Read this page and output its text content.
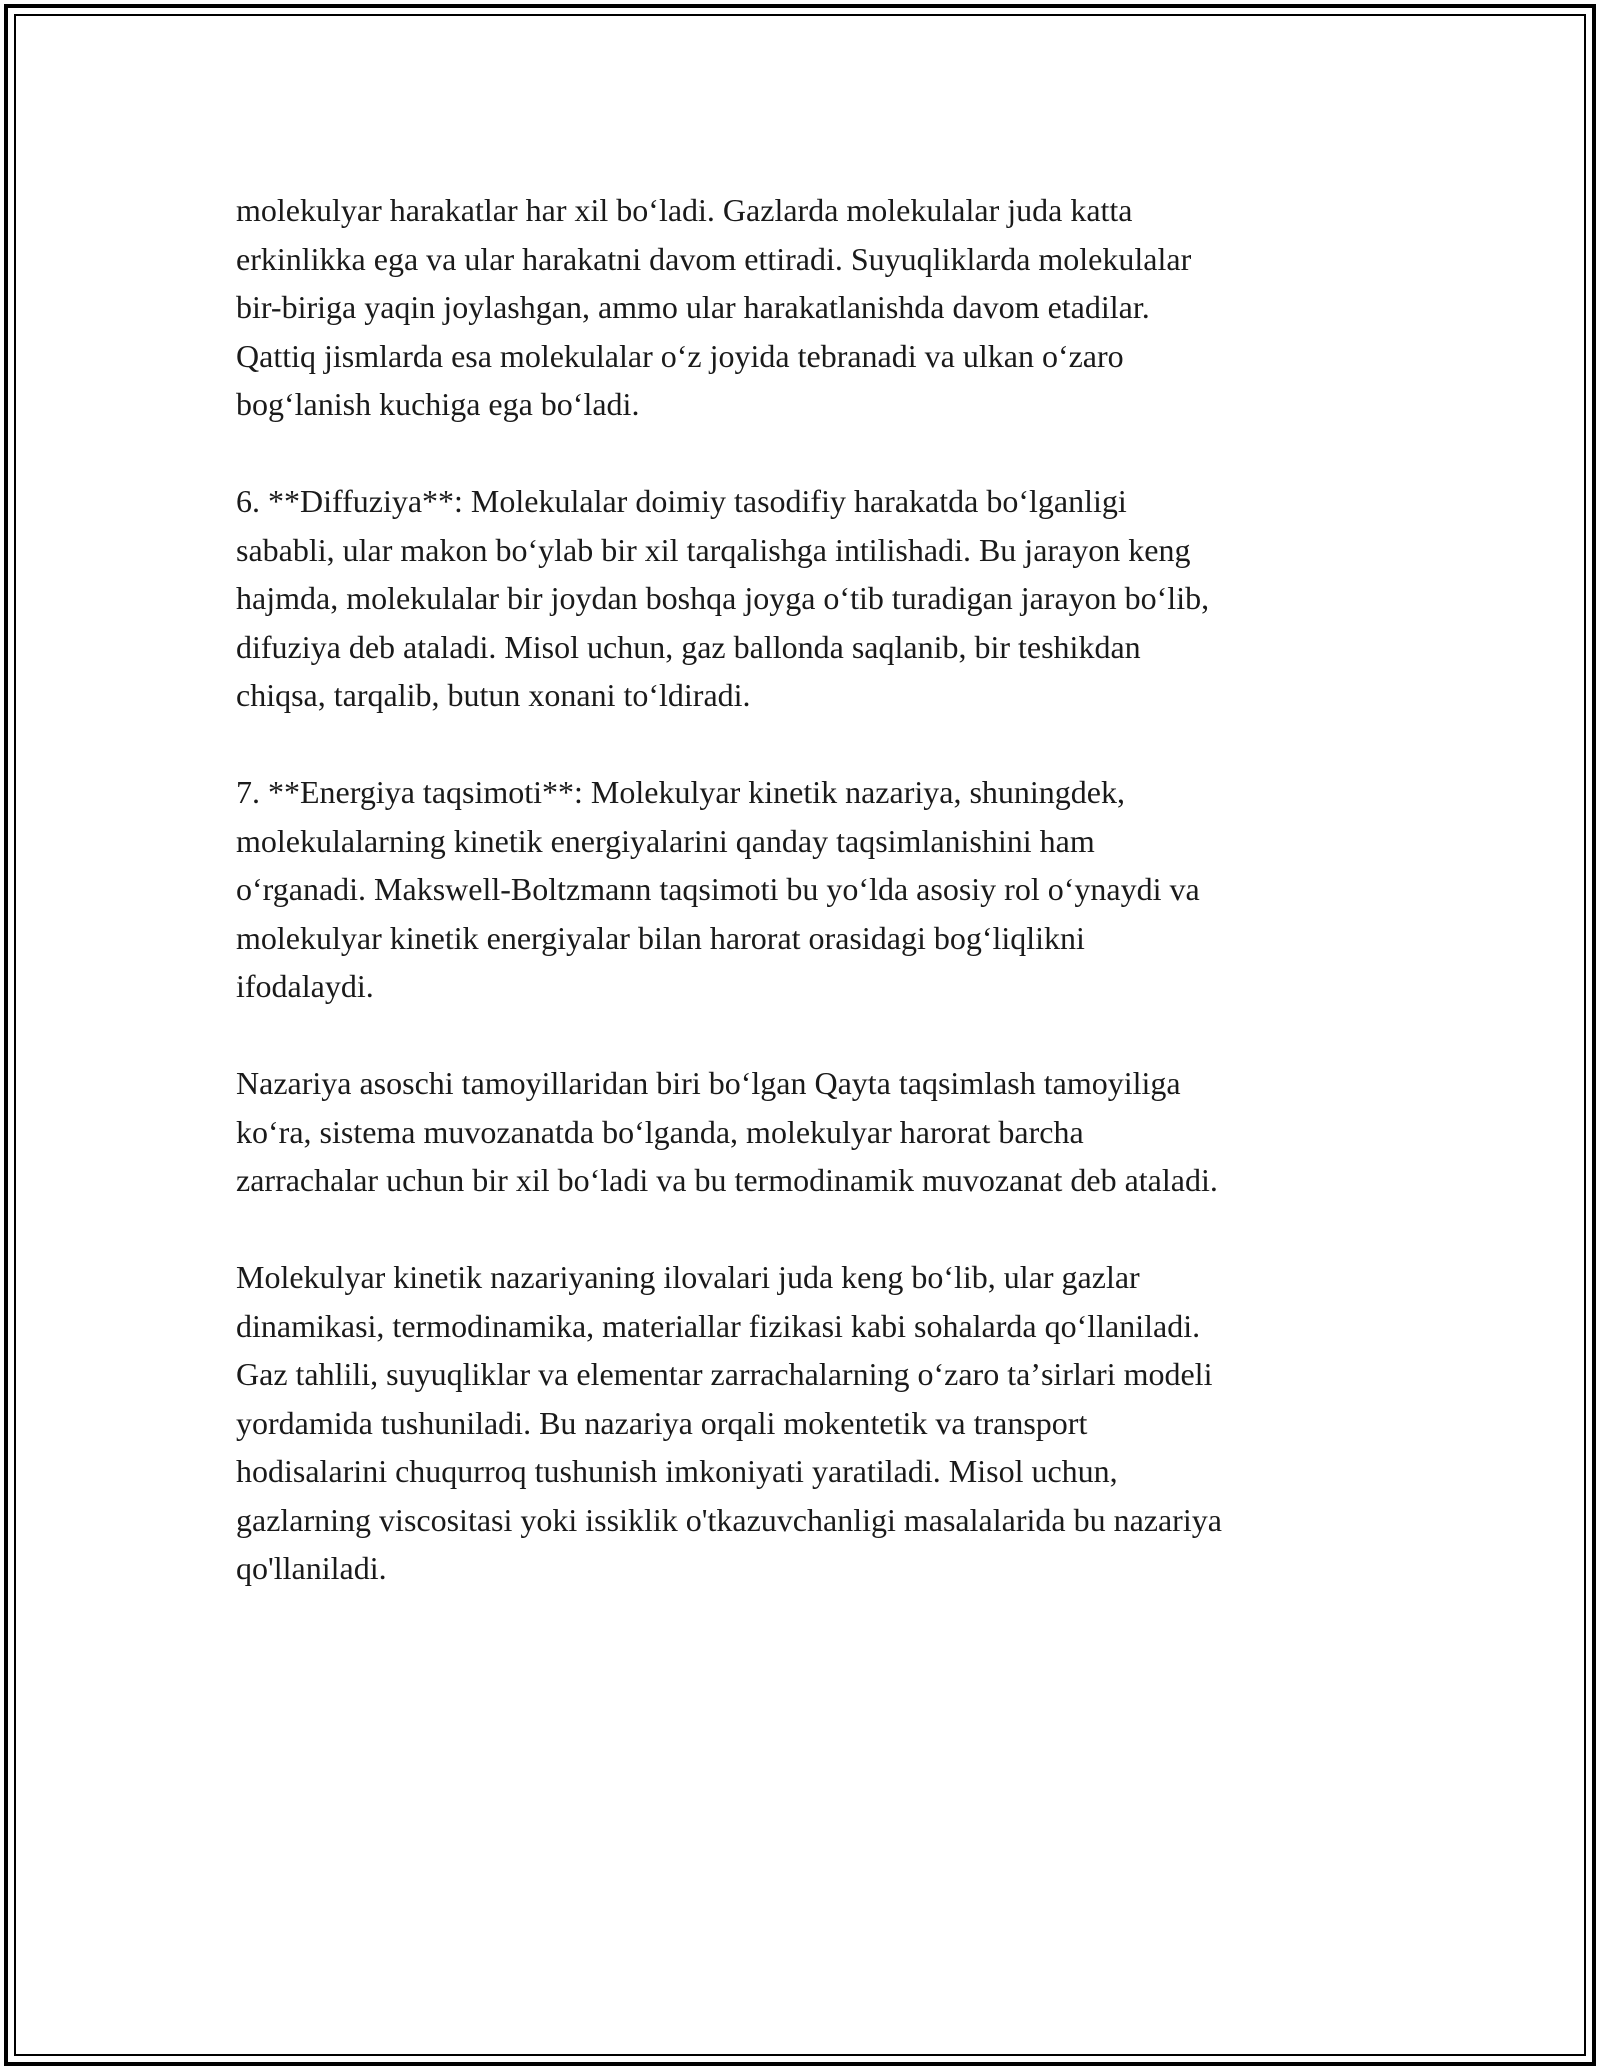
molekulyar harakatlar har xil boʻladi. Gazlarda molekulalar juda katta
erkinlikka ega va ular harakatni davom ettiradi. Suyuqliklarda molekulalar
bir-biriga yaqin joylashgan, ammo ular harakatlanishda davom etadilar.
Qattiq jismlarda esa molekulalar oʻz joyida tebranadi va ulkan oʻzaro
bogʻlanish kuchiga ega boʻladi.

6. **Diffuziya**: Molekulalar doimiy tasodifiy harakatda boʻlganligi
sababli, ular makon boʻylab bir xil tarqalishga intilishadi. Bu jarayon keng
hajmda, molekulalar bir joydan boshqa joyga oʻtib turadigan jarayon boʻlib,
difuziya deb ataladi. Misol uchun, gaz ballonda saqlanib, bir teshikdan
chiqsa, tarqalib, butun xonani toʻldiradi.

7. **Energiya taqsimoti**: Molekulyar kinetik nazariya, shuningdek,
molekulalarning kinetik energiyalarini qanday taqsimlanishini ham
oʻrganadi. Makswell-Boltzmann taqsimoti bu yoʻlda asosiy rol oʻynaydi va
molekulyar kinetik energiyalar bilan harorat orasidagi bogʻliqlikni
ifodalaydi.

Nazariya asoschi tamoyillaridan biri boʻlgan Qayta taqsimlash tamoyiliga
koʻra, sistema muvozanatda boʻlganda, molekulyar harorat barcha
zarrachalar uchun bir xil boʻladi va bu termodinamik muvozanat deb ataladi.

Molekulyar kinetik nazariyaning ilovalari juda keng boʻlib, ular gazlar
dinamikasi, termodinamika, materiallar fizikasi kabi sohalarda qoʻllaniladi.
Gaz tahlili, suyuqliklar va elementar zarrachalarning oʻzaro taʼsirlari modeli
yordamida tushuniladi. Bu nazariya orqali mokentetik va transport
hodisalarini chuqurroq tushunish imkoniyati yaratiladi. Misol uchun,
gazlarning viscositasi yoki issiklik o'tkazuvchanligi masalalarida bu nazariya
qo'llaniladi.
